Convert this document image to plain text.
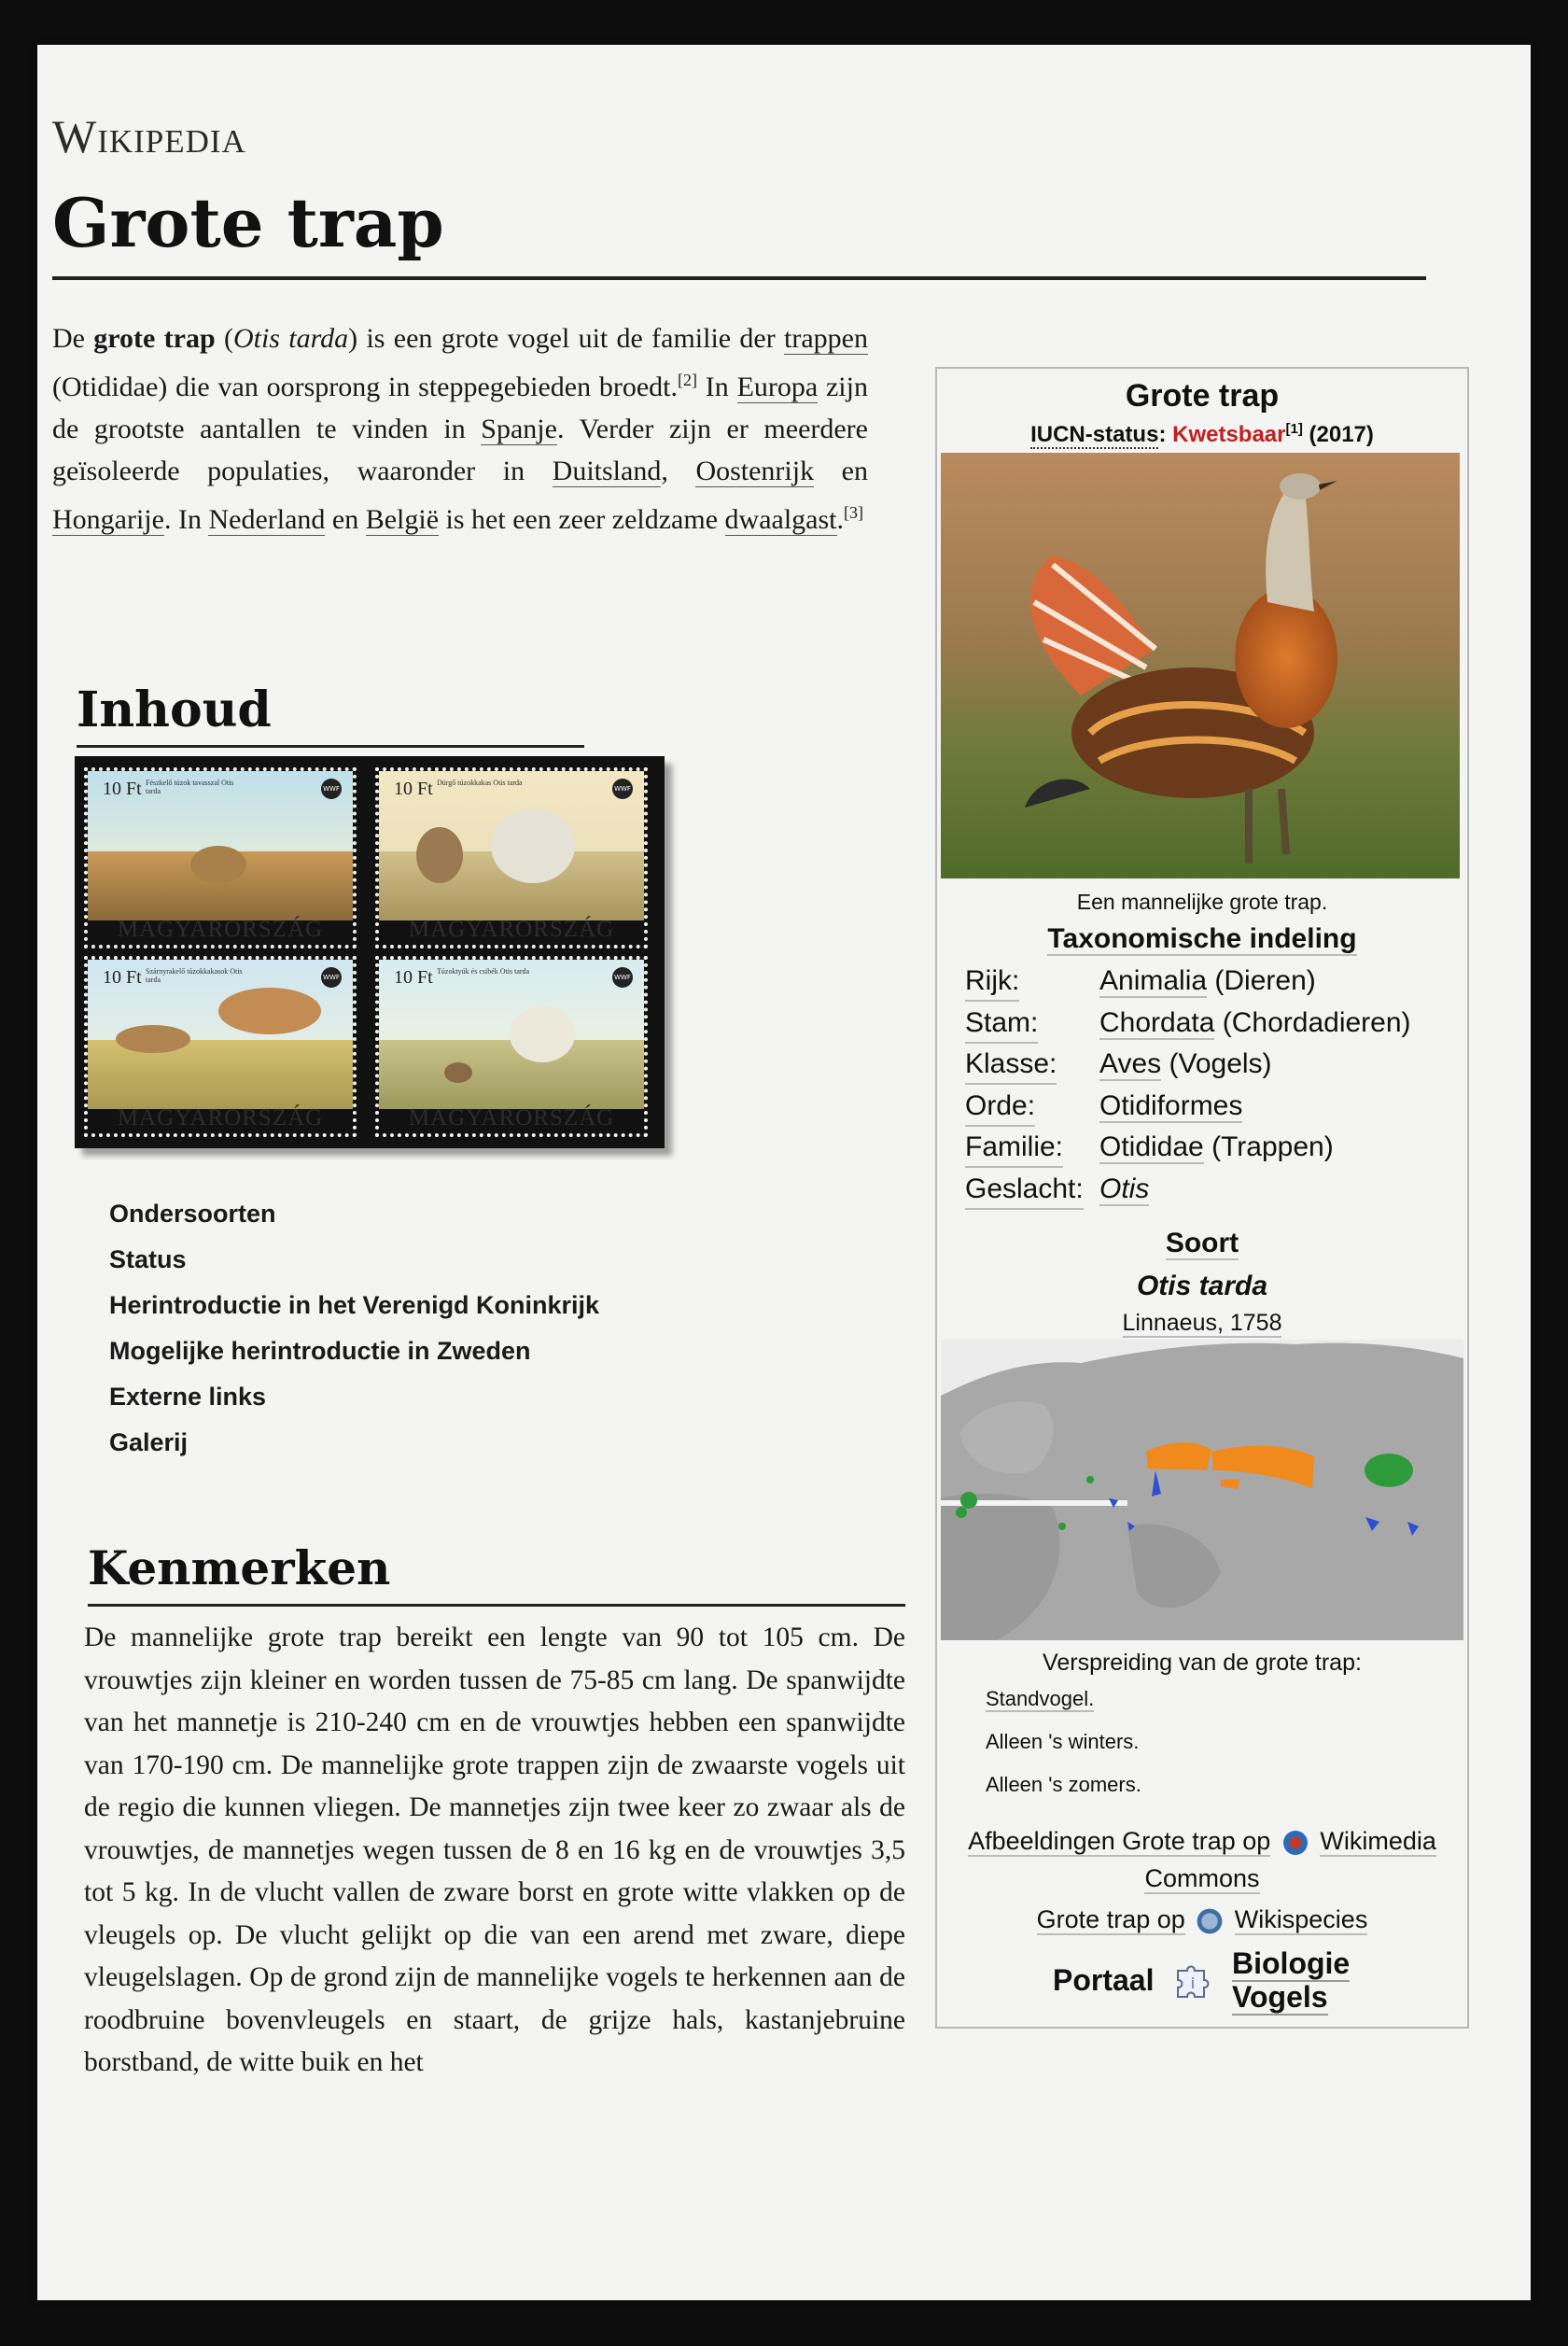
Wikipedia
Grote trap
De grote trap (Otis tarda) is een grote vogel uit de familie der trappen (Otididae) die van oorsprong in steppegebieden broedt.[2] In Europa zijn de grootste aantallen te vinden in Spanje. Verder zijn er meerdere geïsoleerde populaties, waaronder in Duitsland, Oostenrijk en Hongarije. In Nederland en België is het een zeer zeldzame dwaalgast.[3]
Inhoud
10 Ft Fészkelő túzok tavasszal Otis tarda	WWF
MAGYARORSZÁG
10 Ft Dürgő túzokkakas Otis tarda
WWF
MAGYARORSZÁG
10 Ft Szárnyrakelő túzokkakasok Otis tarda	WWF
MAGYARORSZÁG
10 Ft Túzoktyúk és csibék Otis tarda
WWF
MAGYARORSZÁG
Ondersoorten
Status
Herintroductie in het Verenigd Koninkrijk
Mogelijke herintroductie in Zweden
Externe links
Galerij
Kenmerken
De mannelijke grote trap bereikt een lengte van 90 tot 105 cm. De vrouwtjes zijn kleiner en worden tussen de 75-85 cm lang. De spanwijdte van het mannetje is 210-240 cm en de vrouwtjes hebben een spanwijdte van 170-190 cm. De mannelijke grote trappen zijn de zwaarste vogels uit de regio die kunnen vliegen. De mannetjes zijn twee keer zo zwaar als de vrouwtjes, de mannetjes wegen tussen de 8 en 16 kg en de vrouwtjes 3,5 tot 5 kg. In de vlucht vallen de zware borst en grote witte vlakken op de vleugels op. De vlucht gelijkt op die van een arend met zware, diepe vleugelslagen. Op de grond zijn de mannelijke vogels te herkennen aan de roodbruine bovenvleugels en staart, de grijze hals, kastanjebruine borstband, de witte buik en het
Grote trap
IUCN-status: Kwetsbaar[1] (2017)
Een mannelijke grote trap.
Taxonomische indeling
Rijk:	Animalia (Dieren)
Stam: Chordata (Chordadieren)
Klasse: Aves (Vogels)
Orde: Otidiformes
Familie: Otididae (Trappen)
Geslacht: Otis
Soort
Otis tarda
Linnaeus, 1758
Verspreiding van de grote trap:
Standvogel.
Alleen 's winters.
Alleen 's zomers.
Afbeeldingen Grote trap op Wikimedia
Commons
Grote trap op Wikispecies
Portaal i
Biologie
Vogels
